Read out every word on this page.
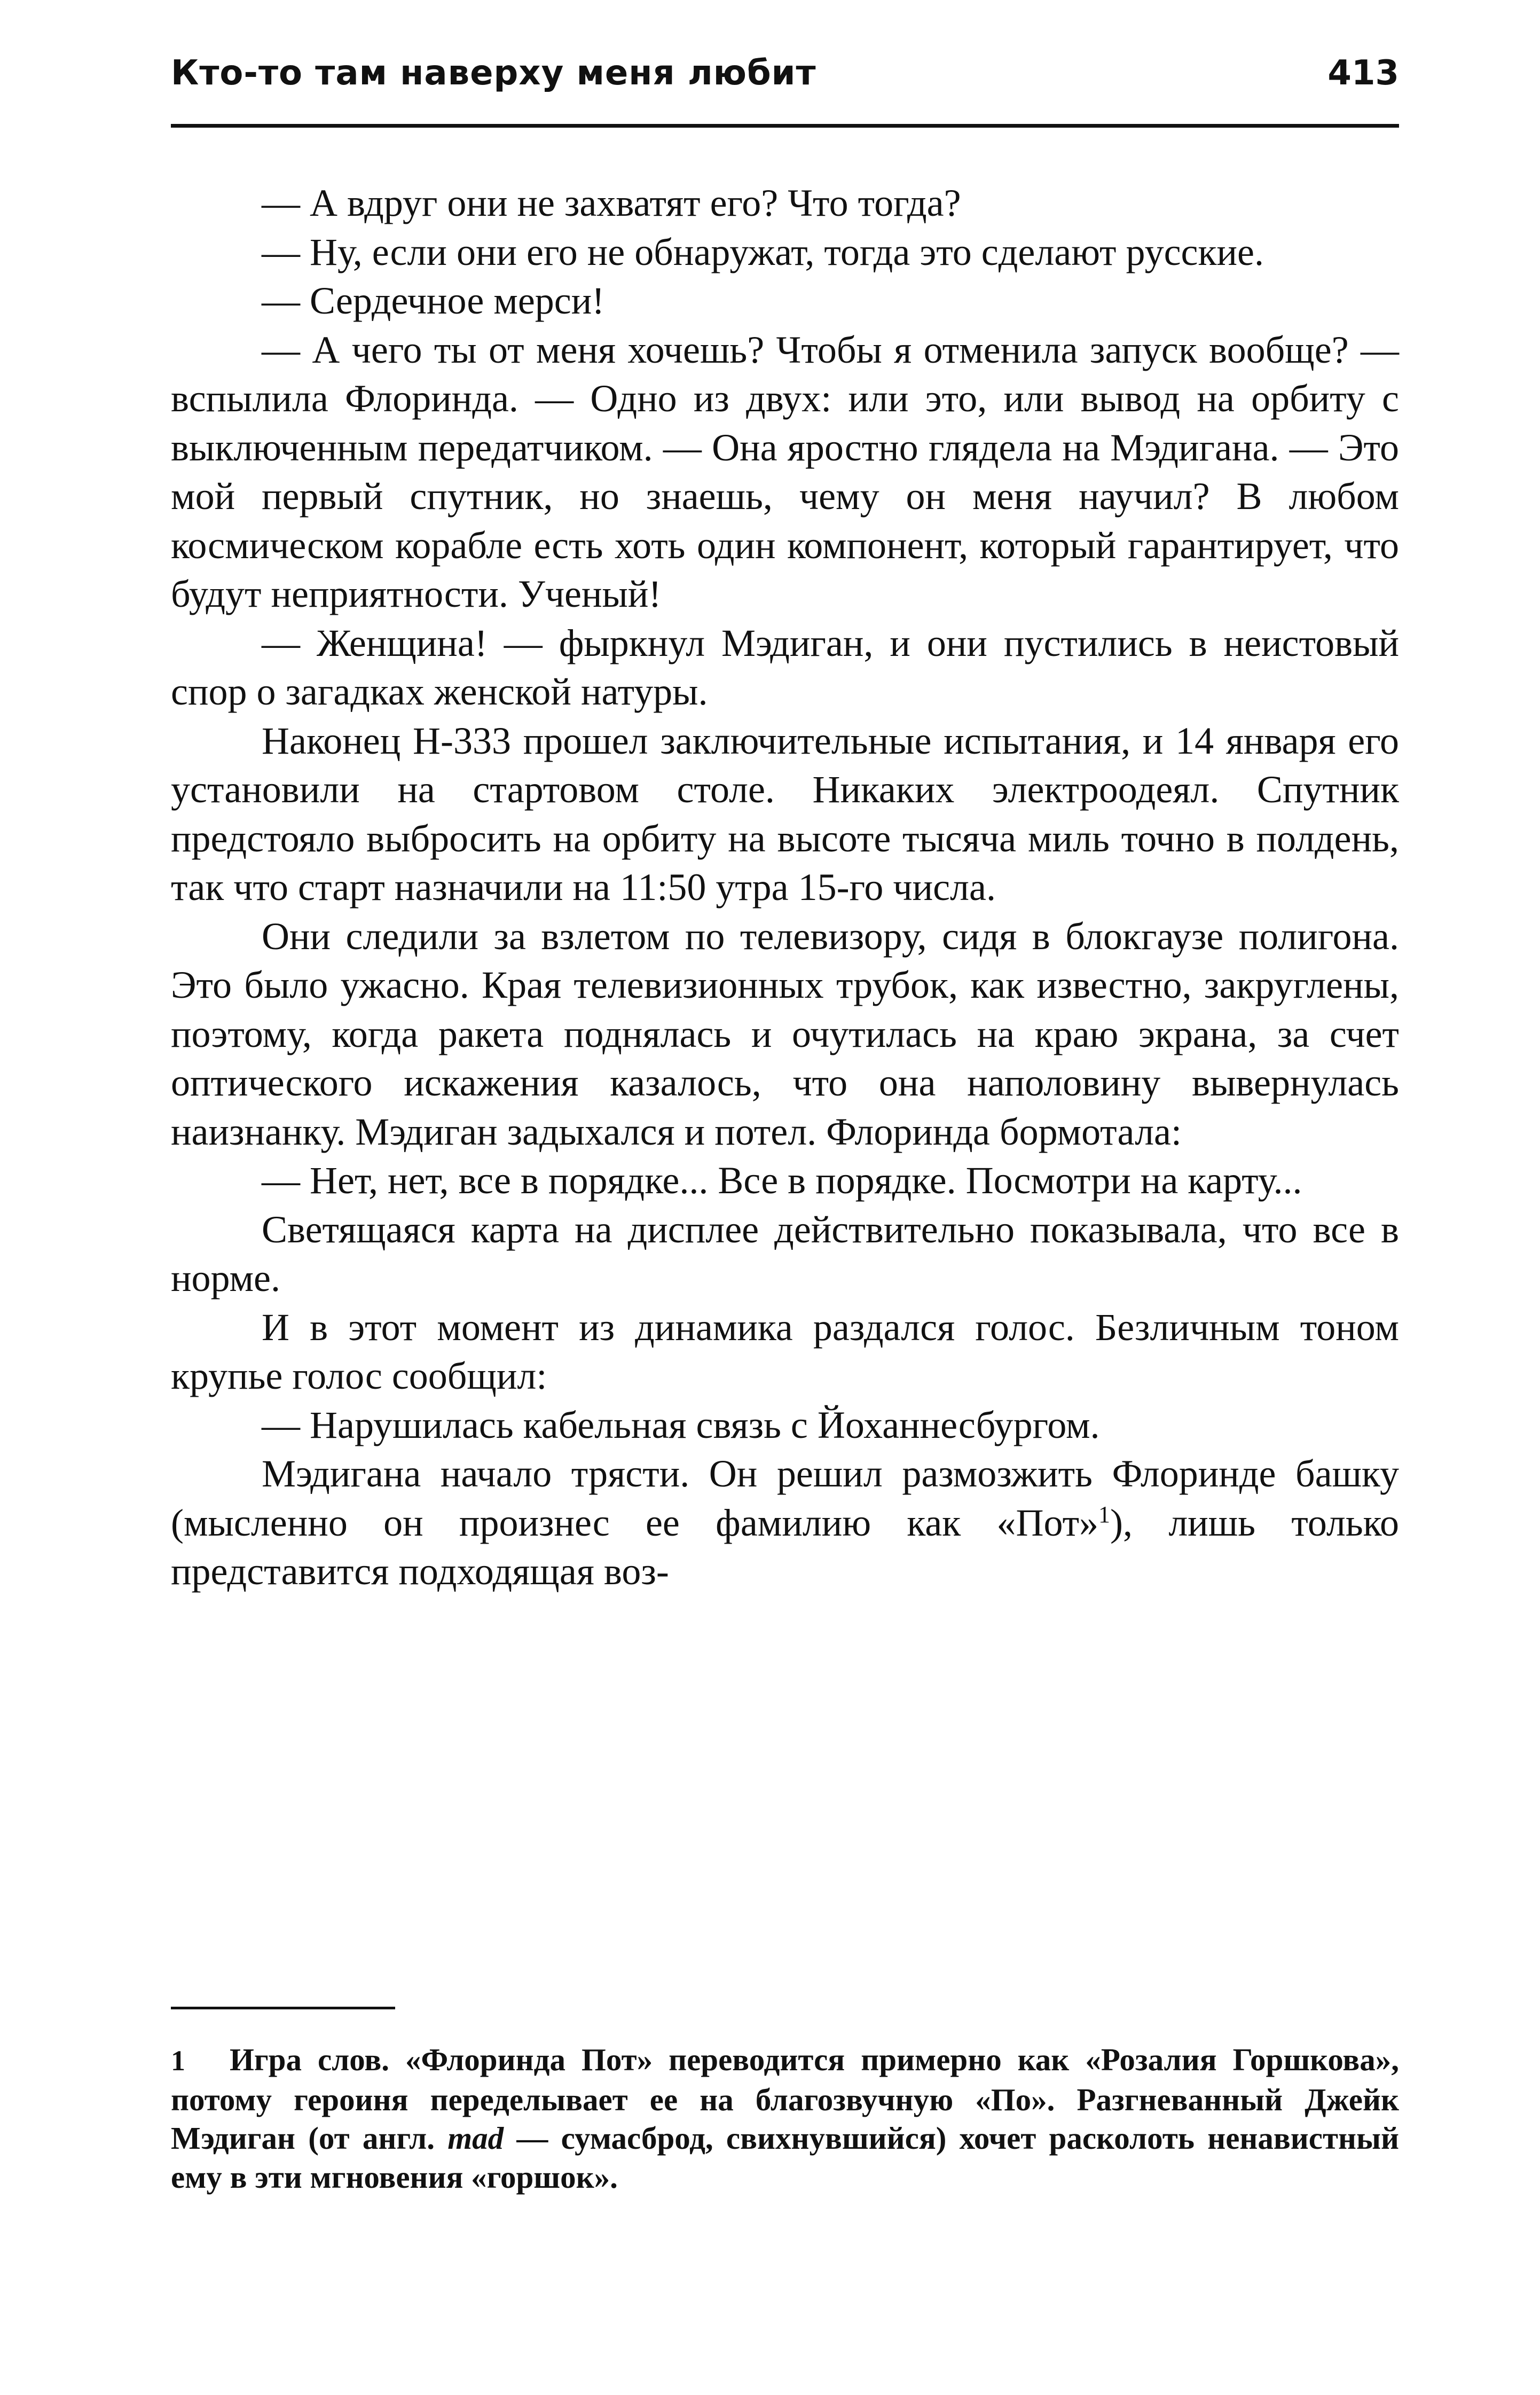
Кто-то там наверху меня любит	413

— А вдруг они не захватят его? Что тогда?

— Ну, если они его не обнаружат, тогда это сделают русские.

— Сердечное мерси!

— А чего ты от меня хочешь? Чтобы я отменила запуск вообще? — вспылила Флоринда. — Одно из двух: или это, или вывод на орбиту с выключенным передатчиком. — Она яростно глядела на Мэдигана. — Это мой первый спутник, но знаешь, чему он меня научил? В любом космическом корабле есть хоть один компонент, который гарантирует, что будут неприятности. Ученый!

— Женщина! — фыркнул Мэдиган, и они пустились в неистовый спор о загадках женской натуры.

Наконец Н-333 прошел заключительные испытания, и 14 января его установили на стартовом столе. Никаких электроодеял. Спутник предстояло выбросить на орбиту на высоте тысяча миль точно в полдень, так что старт назначили на 11:50 утра 15-го числа.

Они следили за взлетом по телевизору, сидя в блокгаузе полигона. Это было ужасно. Края телевизионных трубок, как известно, закруглены, поэтому, когда ракета поднялась и очутилась на краю экрана, за счет оптического искажения казалось, что она наполовину вывернулась наизнанку. Мэдиган задыхался и потел. Флоринда бормотала:

— Нет, нет, все в порядке... Все в порядке. Посмотри на карту...

Светящаяся карта на дисплее действительно показывала, что все в норме.

И в этот момент из динамика раздался голос. Безличным тоном крупье голос сообщил:

— Нарушилась кабельная связь с Йоханнесбургом.

Мэдигана начало трясти. Он решил размозжить Флоринде башку (мысленно он произнес ее фамилию как «Пот»$^1$), лишь только представится подходящая воз-

1 Игра слов. «Флоринда Пот» переводится примерно как «Розалия Горшкова», потому героиня переделывает ее на благозвучную «По». Разгневанный Джейк Мэдиган (от англ. mad — сумасброд, свихнувшийся) хочет расколоть ненавистный ему в эти мгновения «горшок».
